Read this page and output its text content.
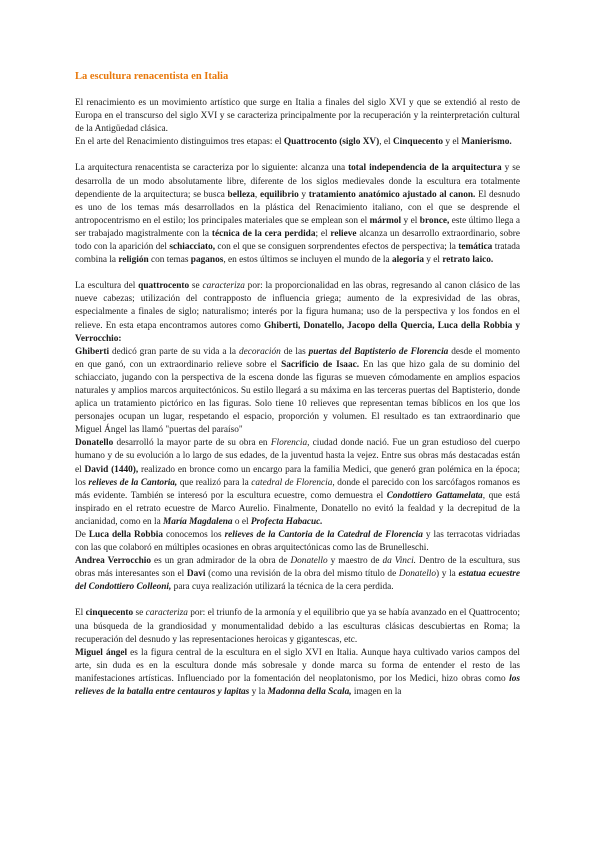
La escultura renacentista en Italia

El renacimiento es un movimiento artístico que surge en Italia a finales del siglo XVI y que se extendió al resto de Europa en el transcurso del siglo XVI y se caracteriza principalmente por la recuperación y la reinterpretación cultural de la Antigüedad clásica.

En el arte del Renacimiento distinguimos tres etapas: el Quattrocento (siglo XV), el Cinquecento y el Manierismo.

La arquitectura renacentista se caracteriza por lo siguiente: alcanza una total independencia de la arquitectura y se desarrolla de un modo absolutamente libre, diferente de los siglos medievales donde la escultura era totalmente dependiente de la arquitectura; se busca belleza, equilibrio y tratamiento anatómico ajustado al canon. El desnudo es uno de los temas más desarrollados en la plástica del Renacimiento italiano, con el que se desprende el antropocentrismo en el estilo; los principales materiales que se emplean son el mármol y el bronce, este último llega a ser trabajado magistralmente con la técnica de la cera perdida; el relieve alcanza un desarrollo extraordinario, sobre todo con la aparición del schiacciato, con el que se consiguen sorprendentes efectos de perspectiva; la temática tratada combina la religión con temas paganos, en estos últimos se incluyen el mundo de la alegoria y el retrato laico.

La escultura del quattrocento se caracteriza por: la proporcionalidad en las obras, regresando al canon clásico de las nueve cabezas; utilización del contrapposto de influencia griega; aumento de la expresividad de las obras, especialmente a finales de siglo; naturalismo; interés por la figura humana; uso de la perspectiva y los fondos en el relieve. En esta etapa encontramos autores como Ghiberti, Donatello, Jacopo della Quercia, Luca della Robbia y Verrocchio:

Ghiberti dedicó gran parte de su vida a la decoración de las puertas del Baptisterio de Florencia desde el momento en que ganó, con un extraordinario relieve sobre el Sacrificio de Isaac. En las que hizo gala de su dominio del schiacciato, jugando con la perspectiva de la escena donde las figuras se mueven cómodamente en amplios espacios naturales y amplios marcos arquitectónicos. Su estilo llegará a su máxima en las terceras puertas del Baptisterio, donde aplica un tratamiento pictórico en las figuras. Solo tiene 10 relieves que representan temas bíblicos en los que los personajes ocupan un lugar, respetando el espacio, proporción y volumen. El resultado es tan extraordinario que Miguel Ángel las llamó "puertas del paraíso"

Donatello desarrolló la mayor parte de su obra en Florencia, ciudad donde nació. Fue un gran estudioso del cuerpo humano y de su evolución a lo largo de sus edades, de la juventud hasta la vejez. Entre sus obras más destacadas están el David (1440), realizado en bronce como un encargo para la familia Medici, que generó gran polémica en la época; los relieves de la Cantoria, que realizó para la catedral de Florencia, donde el parecido con los sarcófagos romanos es más evidente. También se interesó por la escultura ecuestre, como demuestra el Condottiero Gattamelata, que está inspirado en el retrato ecuestre de Marco Aurelio. Finalmente, Donatello no evitó la fealdad y la decrepitud de la ancianidad, como en la María Magdalena o el Profecta Habacuc.

De Luca della Robbia conocemos los relieves de la Cantoria de la Catedral de Florencia y las terracotas vidriadas con las que colaboró en múltiples ocasiones en obras arquitectónicas como las de Brunelleschi.

Andrea Verrocchio es un gran admirador de la obra de Donatello y maestro de da Vinci. Dentro de la escultura, sus obras más interesantes son el Davi (como una revisión de la obra del mismo título de Donatello) y la estatua ecuestre del Condottiero Colleoni, para cuya realización utilizará la técnica de la cera perdida.

El cinquecento se caracteriza por: el triunfo de la armonía y el equilibrio que ya se había avanzado en el Quattrocento; una búsqueda de la grandiosidad y monumentalidad debido a las esculturas clásicas descubiertas en Roma; la recuperación del desnudo y las representaciones heroicas y gigantescas, etc.

Miguel ángel es la figura central de la escultura en el siglo XVI en Italia. Aunque haya cultivado varios campos del arte, sin duda es en la escultura donde más sobresale y donde marca su forma de entender el resto de las manifestaciones artísticas. Influenciado por la fomentación del neoplatonismo, por los Medici, hizo obras como los relieves de la batalla entre centauros y lapitas y la Madonna della Scala, imagen en la
